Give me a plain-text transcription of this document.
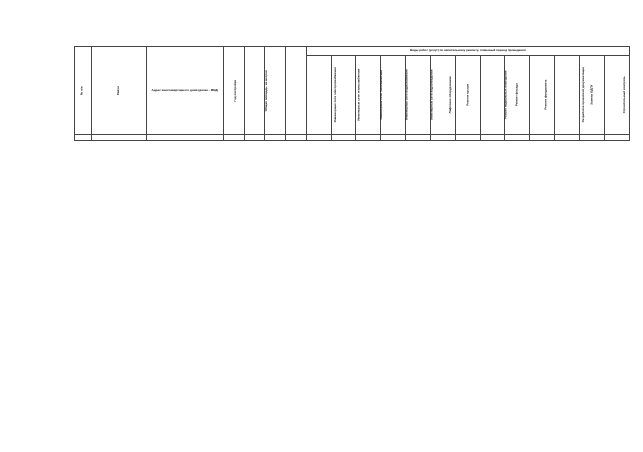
№ п/п	Район	Адрес многоквартирного дома (далее - МКД)	Год постройки	Общая площадь, кв.метров			Виды работ (услуг) по капитальному ремонту, плановый период проведения												
							Инженерные сети электроснабжения	Инженерные сети теплоснабжения	Инженерные сети газоснабжения	Инженерные сети водоснабжения	Инженерные сети водоотведения	Лифтовое оборудование	Ремонт крыши	Ремонт подвальных помещений	Ремонт фасада	Ремонт фундамента	Разработка проектной документации	Замена ОДПУ	Строительный контроль
